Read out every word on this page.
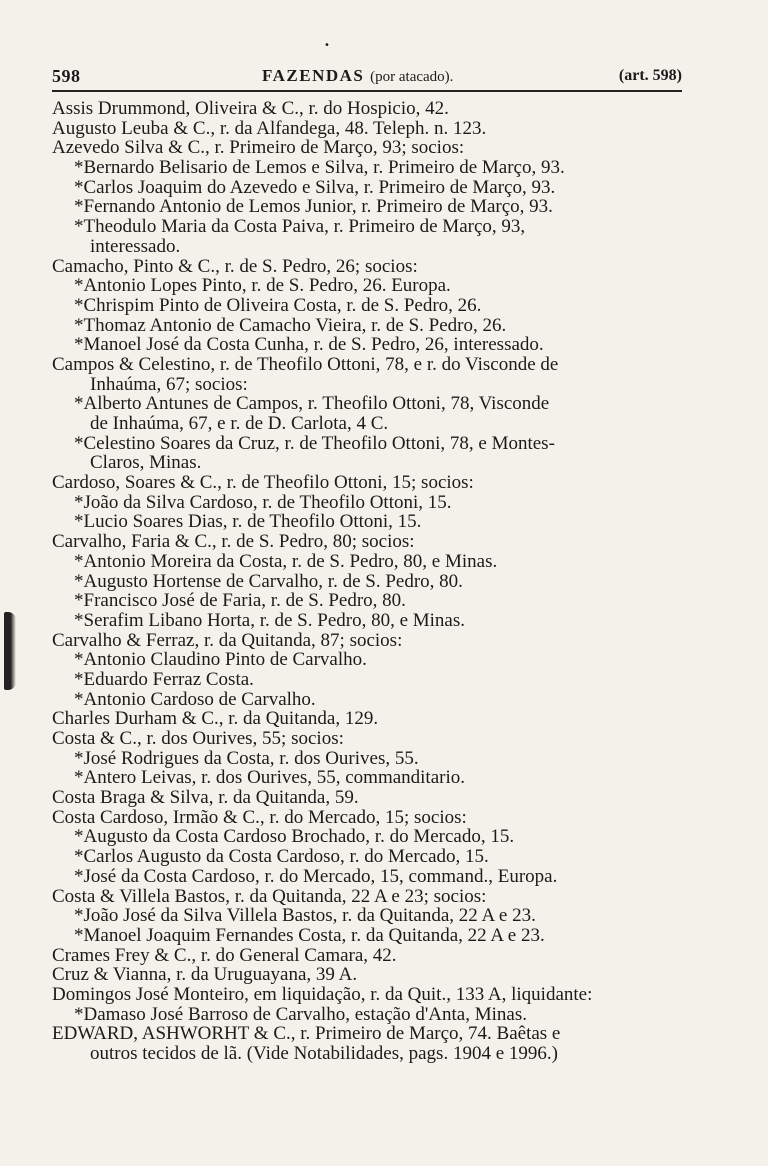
•
598	FAZENDAS (por atacado).	(art. 598)
Assis Drummond, Oliveira & C., r. do Hospicio, 42.
Augusto Leuba & C., r. da Alfandega, 48. Teleph. n. 123.
Azevedo Silva & C., r. Primeiro de Março, 93; socios:
*Bernardo Belisario de Lemos e Silva, r. Primeiro de Março, 93.
*Carlos Joaquim do Azevedo e Silva, r. Primeiro de Março, 93.
*Fernando Antonio de Lemos Junior, r. Primeiro de Março, 93.
*Theodulo Maria da Costa Paiva, r. Primeiro de Março, 93,
interessado.
Camacho, Pinto & C., r. de S. Pedro, 26; socios:
*Antonio Lopes Pinto, r. de S. Pedro, 26. Europa.
*Chrispim Pinto de Oliveira Costa, r. de S. Pedro, 26.
*Thomaz Antonio de Camacho Vieira, r. de S. Pedro, 26.
*Manoel José da Costa Cunha, r. de S. Pedro, 26, interessado.
Campos & Celestino, r. de Theofilo Ottoni, 78, e r. do Visconde de
Inhaúma, 67; socios:
*Alberto Antunes de Campos, r. Theofilo Ottoni, 78, Visconde
de Inhaúma, 67, e r. de D. Carlota, 4 C.
*Celestino Soares da Cruz, r. de Theofilo Ottoni, 78, e Montes-
Claros, Minas.
Cardoso, Soares & C., r. de Theofilo Ottoni, 15; socios:
*João da Silva Cardoso, r. de Theofilo Ottoni, 15.
*Lucio Soares Dias, r. de Theofilo Ottoni, 15.
Carvalho, Faria & C., r. de S. Pedro, 80; socios:
*Antonio Moreira da Costa, r. de S. Pedro, 80, e Minas.
*Augusto Hortense de Carvalho, r. de S. Pedro, 80.
*Francisco José de Faria, r. de S. Pedro, 80.
*Serafim Libano Horta, r. de S. Pedro, 80, e Minas.
Carvalho & Ferraz, r. da Quitanda, 87; socios:
*Antonio Claudino Pinto de Carvalho.
*Eduardo Ferraz Costa.
*Antonio Cardoso de Carvalho.
Charles Durham & C., r. da Quitanda, 129.
Costa & C., r. dos Ourives, 55; socios:
*José Rodrigues da Costa, r. dos Ourives, 55.
*Antero Leivas, r. dos Ourives, 55, commanditario.
Costa Braga & Silva, r. da Quitanda, 59.
Costa Cardoso, Irmão & C., r. do Mercado, 15; socios:
*Augusto da Costa Cardoso Brochado, r. do Mercado, 15.
*Carlos Augusto da Costa Cardoso, r. do Mercado, 15.
*José da Costa Cardoso, r. do Mercado, 15, command., Europa.
Costa & Villela Bastos, r. da Quitanda, 22 A e 23; socios:
*João José da Silva Villela Bastos, r. da Quitanda, 22 A e 23.
*Manoel Joaquim Fernandes Costa, r. da Quitanda, 22 A e 23.
Crames Frey & C., r. do General Camara, 42.
Cruz & Vianna, r. da Uruguayana, 39 A.
Domingos José Monteiro, em liquidação, r. da Quit., 133 A, liquidante:
*Damaso José Barroso de Carvalho, estação d'Anta, Minas.
EDWARD, ASHWORHT & C., r. Primeiro de Março, 74. Baêtas e
outros tecidos de lã. (Vide Notabilidades, pags. 1904 e 1996.)
